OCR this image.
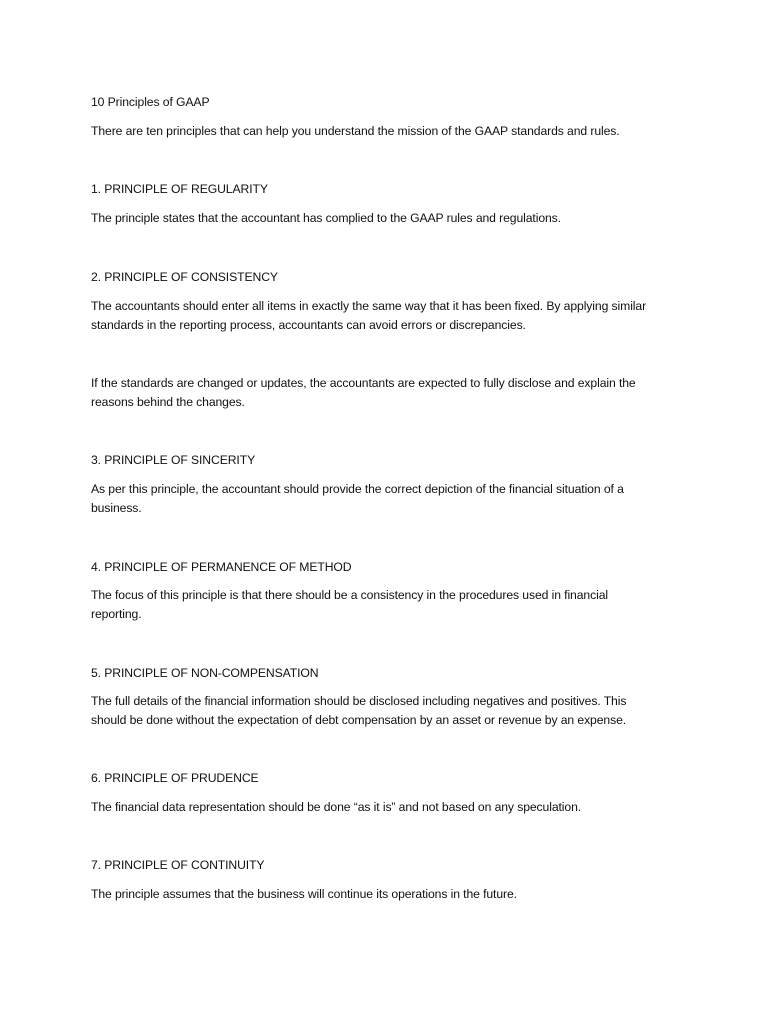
10 Principles of GAAP
There are ten principles that can help you understand the mission of the GAAP standards and rules.
1. PRINCIPLE OF REGULARITY
The principle states that the accountant has complied to the GAAP rules and regulations.
2. PRINCIPLE OF CONSISTENCY
The accountants should enter all items in exactly the same way that it has been fixed. By applying similar
standards in the reporting process, accountants can avoid errors or discrepancies.
If the standards are changed or updates, the accountants are expected to fully disclose and explain the
reasons behind the changes.
3. PRINCIPLE OF SINCERITY
As per this principle, the accountant should provide the correct depiction of the financial situation of a
business.
4. PRINCIPLE OF PERMANENCE OF METHOD
The focus of this principle is that there should be a consistency in the procedures used in financial
reporting.
5. PRINCIPLE OF NON-COMPENSATION
The full details of the financial information should be disclosed including negatives and positives. This
should be done without the expectation of debt compensation by an asset or revenue by an expense.
6. PRINCIPLE OF PRUDENCE
The financial data representation should be done “as it is” and not based on any speculation.
7. PRINCIPLE OF CONTINUITY
The principle assumes that the business will continue its operations in the future.
